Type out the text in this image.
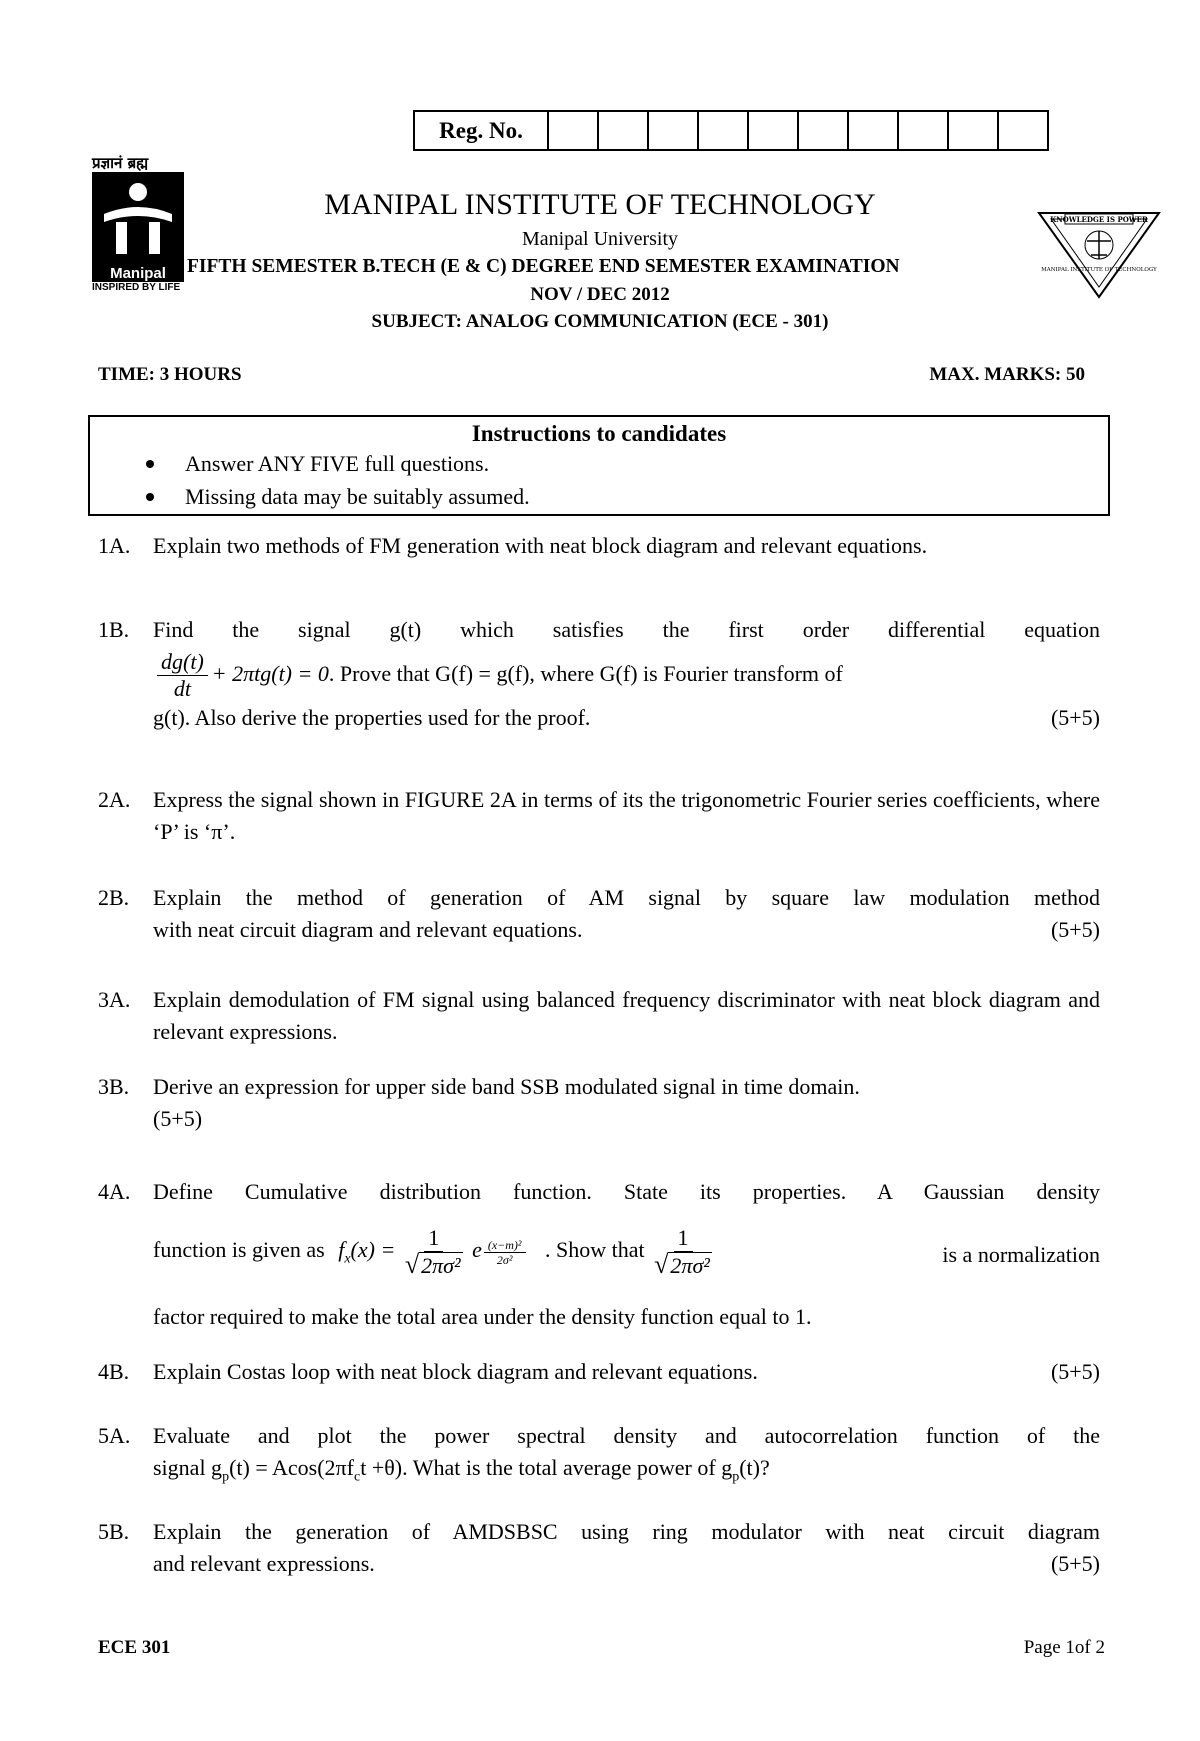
Reg. No.
प्रज्ञानं ब्रह्म
Manipal
INSPIRED BY LIFE
KNOWLEDGE IS POWER
MANIPAL INSTITUTE OF TECHNOLOGY
MANIPAL INSTITUTE OF TECHNOLOGY
Manipal University
FIFTH SEMESTER B.TECH (E & C) DEGREE END SEMESTER EXAMINATION
NOV / DEC 2012
SUBJECT: ANALOG COMMUNICATION (ECE - 301)
TIME: 3 HOURS	MAX. MARKS: 50
Instructions to candidates
Answer ANY FIVE full questions.
Missing data may be suitably assumed.
1A. Explain two methods of FM generation with neat block diagram and relevant equations.
1B. Find the signal g(t) which satisfies the first order differential equation
$\frac{dg(t)}{dt} + 2\pi tg(t) = 0$. Prove that G(f) = g(f), where G(f) is Fourier transform of
g(t). Also derive the properties used for the proof.	(5+5)
2A. Express the signal shown in FIGURE 2A in terms of its the trigonometric Fourier series coefficients, where ‘P’ is ‘π’.
2B. Explain the method of generation of AM signal by square law modulation method
with neat circuit diagram and relevant equations.	(5+5)
3A. Explain demodulation of FM signal using balanced frequency discriminator with neat block diagram and relevant expressions.
3B. Derive an expression for upper side band SSB modulated signal in time domain.
(5+5)
4A. Define Cumulative distribution function. State its properties. A Gaussian density
function is given as $f_x(x) = \frac{1}{\text{√2πσ²}}$ e $\frac{\text{(x−m)²}}{\text{2σ²}}$ . Show that $\frac{1}{\text{√2πσ²}}$	is a normalization
factor required to make the total area under the density function equal to 1.
4B. Explain Costas loop with neat block diagram and relevant equations.	(5+5)
5A. Evaluate and plot the power spectral density and autocorrelation function of the
signal $g_p(t) = Acos(2\pi f_ct +\theta)$. What is the total average power of $g_p(t)$?
5B. Explain the generation of AMDSBSC using ring modulator with neat circuit diagram
and relevant expressions.	(5+5)
ECE 301	Page 1of 2
